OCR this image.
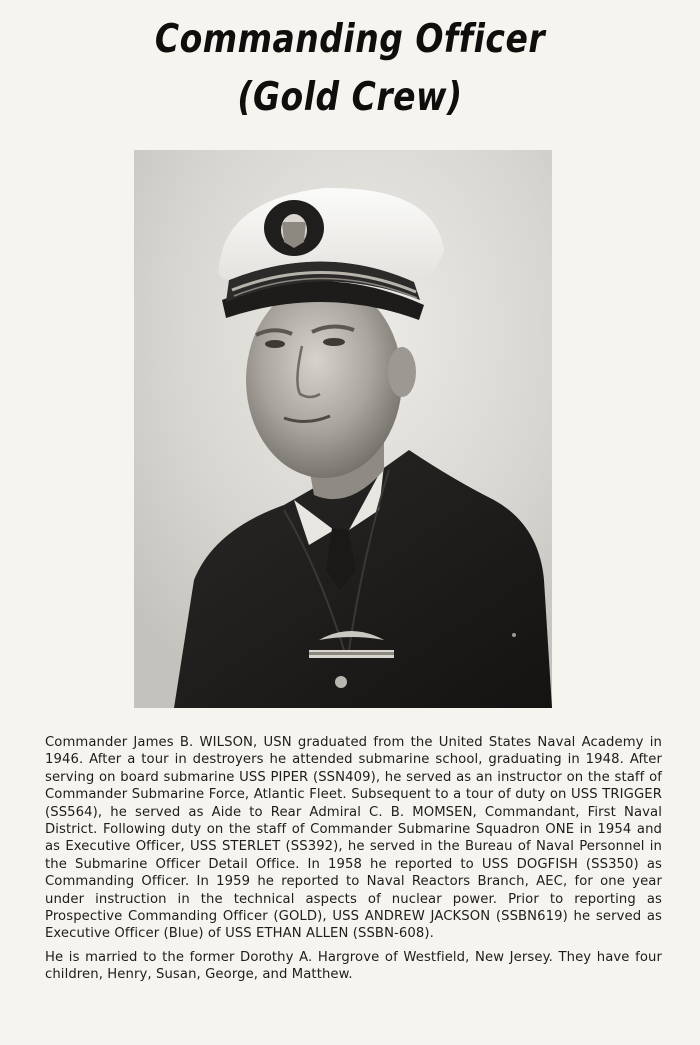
Commanding Officer
(Gold Crew)

Commander James B. WILSON, USN graduated from the United States Naval Academy in 1946. After a tour in destroyers he attended submarine school, graduating in 1948. After serving on board submarine USS PIPER (SSN409), he served as an instructor on the staff of Commander Submarine Force, Atlantic Fleet. Subsequent to a tour of duty on USS TRIGGER (SS564), he served as Aide to Rear Admiral C. B. MOMSEN, Commandant, First Naval District. Following duty on the staff of Commander Submarine Squadron ONE in 1954 and as Executive Officer, USS STERLET (SS392), he served in the Bureau of Naval Personnel in the Submarine Officer Detail Office. In 1958 he reported to USS DOGFISH (SS350) as Commanding Officer. In 1959 he reported to Naval Reactors Branch, AEC, for one year under instruction in the technical aspects of nuclear power. Prior to reporting as Prospective Commanding Officer (GOLD), USS ANDREW JACKSON (SSBN619) he served as Executive Officer (Blue) of USS ETHAN ALLEN (SSBN-608).

He is married to the former Dorothy A. Hargrove of Westfield, New Jersey. They have four children, Henry, Susan, George, and Matthew.
